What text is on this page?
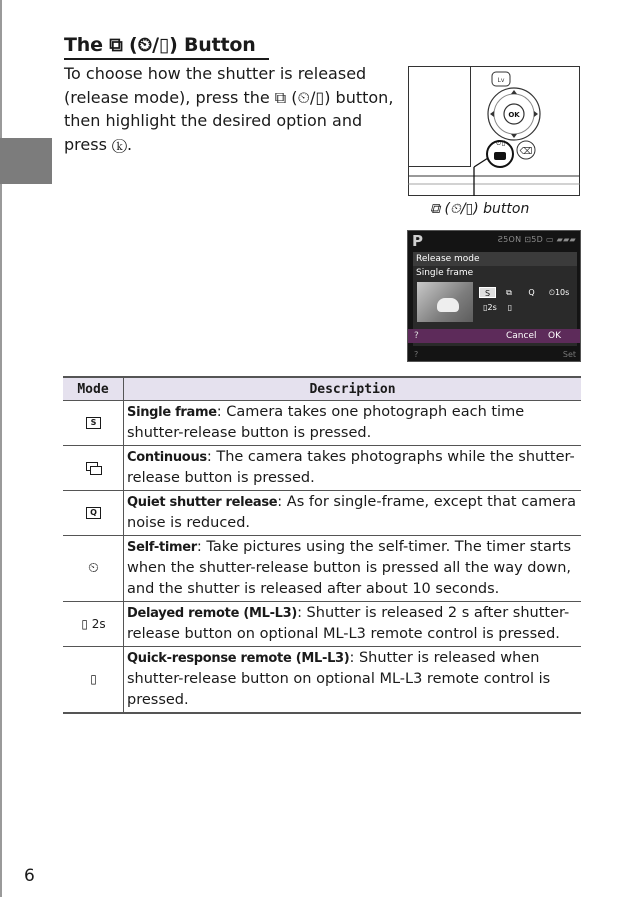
The ⧉ (⏲/▯) Button

To choose how the shutter is released (release mode), press the ⧉ (⏲/▯) button, then highlight the desired option and press ⓚ.

Lv
OK
⌫
⏲▯
⧉ (⏲/▯) button
P	Ƨ5ON ⊡5D ▭ ▰▰▰
Release mode
Single frame
S	⧉	Q	⏲10s
▯2s	▯
?	Cancel OK
?	Set
Mode	Description
S	Single frame: Camera takes one photograph each time shutter-release button is pressed.
	Continuous: The camera takes photographs while the shutter-release button is pressed.
Q	Quiet shutter release: As for single-frame, except that camera noise is reduced.
⏲	Self-timer: Take pictures using the self-timer. The timer starts when the shutter-release button is pressed all the way down, and the shutter is released after about 10 seconds.
▯ 2s	Delayed remote (ML-L3): Shutter is released 2 s after shutter-release button on optional ML-L3 remote control is pressed.
▯	Quick-response remote (ML-L3): Shutter is released when shutter-release button on optional ML-L3 remote control is pressed.
6
